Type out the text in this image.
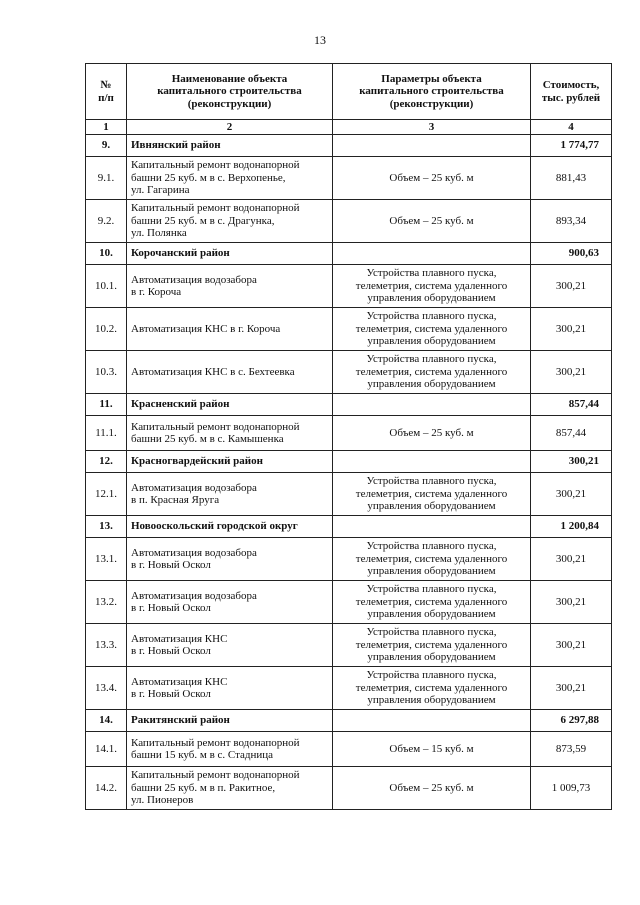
13
№
п/п	Наименование объекта
капитального строительства
(реконструкции)	Параметры объекта
капитального строительства
(реконструкции)	Стоимость,
тыс. рублей
1	2	3	4
9.	Ивнянский район		1 774,77
9.1.	Капитальный ремонт водонапорной
башни 25 куб. м в с. Верхопенье,
ул. Гагарина	Объем – 25 куб. м	881,43
9.2.	Капитальный ремонт водонапорной
башни 25 куб. м в с. Драгунка,
ул. Полянка	Объем – 25 куб. м	893,34
10.	Корочанский район		900,63
10.1.	Автоматизация водозабора
в г. Короча	Устройства плавного пуска,
телеметрия, система удаленного
управления оборудованием	300,21
10.2.	Автоматизация КНС в г. Короча	Устройства плавного пуска,
телеметрия, система удаленного
управления оборудованием	300,21
10.3.	Автоматизация КНС в с. Бехтеевка	Устройства плавного пуска,
телеметрия, система удаленного
управления оборудованием	300,21
11.	Красненский район		857,44
11.1.	Капитальный ремонт водонапорной
башни 25 куб. м в с. Камышенка	Объем – 25 куб. м	857,44
12.	Красногвардейский район		300,21
12.1.	Автоматизация водозабора
в п. Красная Яруга	Устройства плавного пуска,
телеметрия, система удаленного
управления оборудованием	300,21
13.	Новооскольский городской округ		1 200,84
13.1.	Автоматизация водозабора
в г. Новый Оскол	Устройства плавного пуска,
телеметрия, система удаленного
управления оборудованием	300,21
13.2.	Автоматизация водозабора
в г. Новый Оскол	Устройства плавного пуска,
телеметрия, система удаленного
управления оборудованием	300,21
13.3.	Автоматизация КНС
в г. Новый Оскол	Устройства плавного пуска,
телеметрия, система удаленного
управления оборудованием	300,21
13.4.	Автоматизация КНС
в г. Новый Оскол	Устройства плавного пуска,
телеметрия, система удаленного
управления оборудованием	300,21
14.	Ракитянский район		6 297,88
14.1.	Капитальный ремонт водонапорной
башни 15 куб. м в с. Стадница	Объем – 15 куб. м	873,59
14.2.	Капитальный ремонт водонапорной
башни 25 куб. м в п. Ракитное,
ул. Пионеров	Объем – 25 куб. м	1 009,73
